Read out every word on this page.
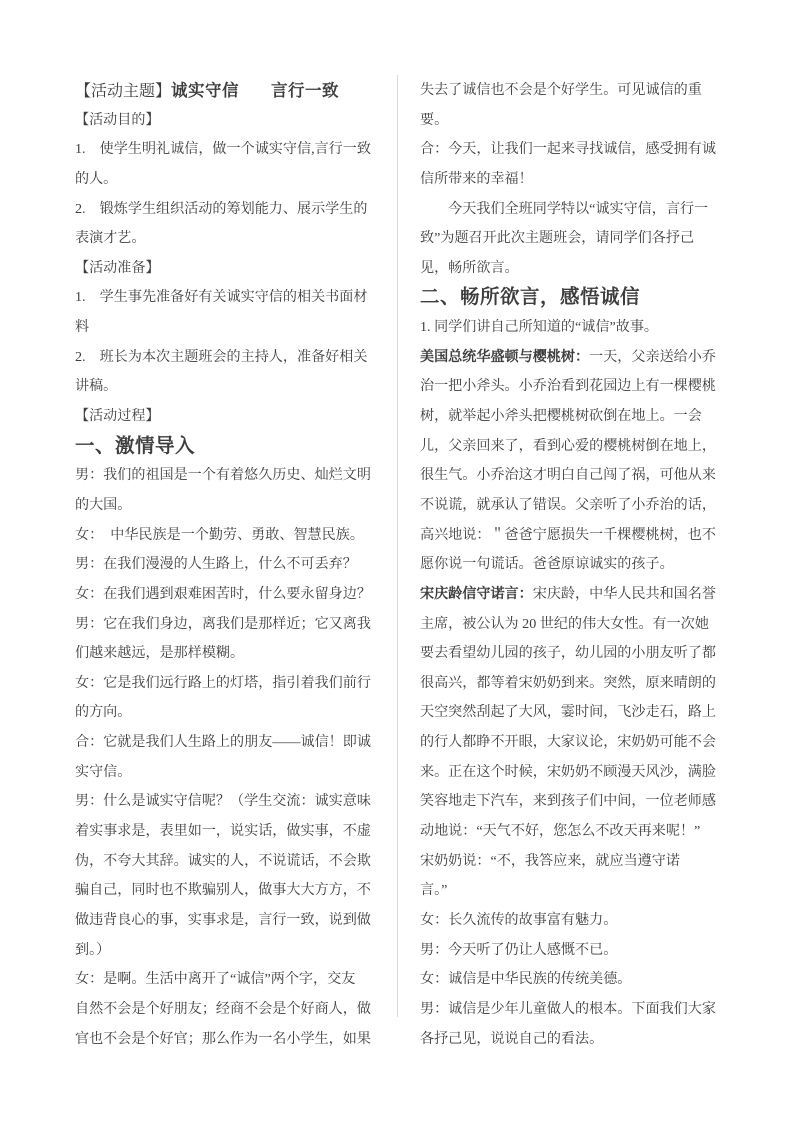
【活动主题】诚实守信　　 言行一致
【活动目的】
1.　使学生明礼诚信，做一个诚实守信,言行一致
的人。
2.　锻炼学生组织活动的筹划能力、展示学生的
表演才艺。
【活动准备】
1.　学生事先准备好有关诚实守信的相关书面材
料
2.　班长为本次主题班会的主持人，准备好相关
讲稿。
【活动过程】
一、激情导入
男：我们的祖国是一个有着悠久历史、灿烂文明
的大国。
女：　中华民族是一个勤劳、勇敢、智慧民族。
男：在我们漫漫的人生路上，什么不可丢弃？
女：在我们遇到艰难困苦时，什么要永留身边？
男：它在我们身边，离我们是那样近；它又离我
们越来越远，是那样模糊。
女：它是我们远行路上的灯塔，指引着我们前行
的方向。
合：它就是我们人生路上的朋友——诚信！即诚
实守信。
男：什么是诚实守信呢？（学生交流：诚实意味
着实事求是，表里如一，说实话，做实事，不虚
伪，不夸大其辞。诚实的人，不说谎话，不会欺
骗自己，同时也不欺骗别人，做事大大方方，不
做违背良心的事，实事求是，言行一致，说到做
到。）
女：是啊。生活中离开了“诚信”两个字，交友
自然不会是个好朋友；经商不会是个好商人，做
官也不会是个好官；那么作为一名小学生，如果
失去了诚信也不会是个好学生。可见诚信的重
要。
合：今天，让我们一起来寻找诚信，感受拥有诚
信所带来的幸福！
　　今天我们全班同学特以“诚实守信，言行一
致”为题召开此次主题班会，请同学们各抒己
见，畅所欲言。
二、畅所欲言，感悟诚信
1. 同学们讲自己所知道的“诚信”故事。
美国总统华盛顿与樱桃树：一天，父亲送给小乔
治一把小斧头。小乔治看到花园边上有一棵樱桃
树，就举起小斧头把樱桃树砍倒在地上。一会
儿，父亲回来了，看到心爱的樱桃树倒在地上，
很生气。小乔治这才明白自己闯了祸，可他从来
不说谎，就承认了错误。父亲听了小乔治的话，
高兴地说：＂爸爸宁愿损失一千棵樱桃树，也不
愿你说一句谎话。爸爸原谅诚实的孩子。
宋庆龄信守诺言：宋庆龄，中华人民共和国名誉
主席，被公认为 20 世纪的伟大女性。有一次她
要去看望幼儿园的孩子，幼儿园的小朋友听了都
很高兴，都等着宋奶奶到来。突然，原来晴朗的
天空突然刮起了大风，霎时间，飞沙走石，路上
的行人都睁不开眼，大家议论，宋奶奶可能不会
来。正在这个时候，宋奶奶不顾漫天风沙，满脸
笑容地走下汽车，来到孩子们中间，一位老师感
动地说：“天气不好，您怎么不改天再来呢！”
宋奶奶说：“不，我答应来，就应当遵守诺
言。”
女：长久流传的故事富有魅力。
男：今天听了仍让人感慨不已。
女：诚信是中华民族的传统美德。
男：诚信是少年儿童做人的根本。下面我们大家
各抒己见，说说自己的看法。
